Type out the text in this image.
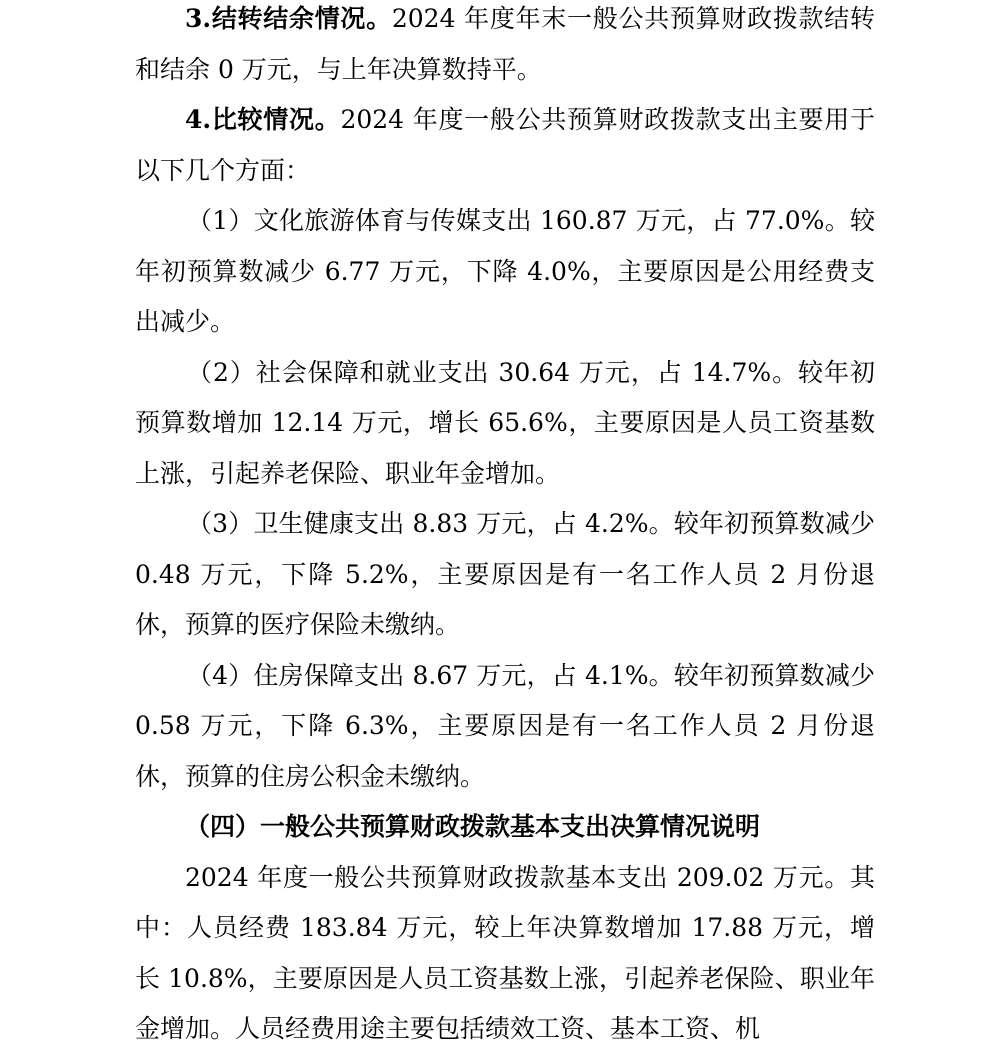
3.结转结余情况。2024 年度年末一般公共预算财政拨款结转和结余 0 万元，与上年决算数持平。

4.比较情况。2024 年度一般公共预算财政拨款支出主要用于以下几个方面：

（1）文化旅游体育与传媒支出 160.87 万元，占 77.0%。较年初预算数减少 6.77 万元，下降 4.0%，主要原因是公用经费支出减少。

（2）社会保障和就业支出 30.64 万元，占 14.7%。较年初预算数增加 12.14 万元，增长 65.6%，主要原因是人员工资基数上涨，引起养老保险、职业年金增加。

（3）卫生健康支出 8.83 万元，占 4.2%。较年初预算数减少 0.48 万元，下降 5.2%，主要原因是有一名工作人员 2 月份退休，预算的医疗保险未缴纳。

（4）住房保障支出 8.67 万元，占 4.1%。较年初预算数减少 0.58 万元，下降 6.3%，主要原因是有一名工作人员 2 月份退休，预算的住房公积金未缴纳。

（四）一般公共预算财政拨款基本支出决算情况说明

2024 年度一般公共预算财政拨款基本支出 209.02 万元。其中：人员经费 183.84 万元，较上年决算数增加 17.88 万元，增长 10.8%，主要原因是人员工资基数上涨，引起养老保险、职业年金增加。人员经费用途主要包括绩效工资、基本工资、机
